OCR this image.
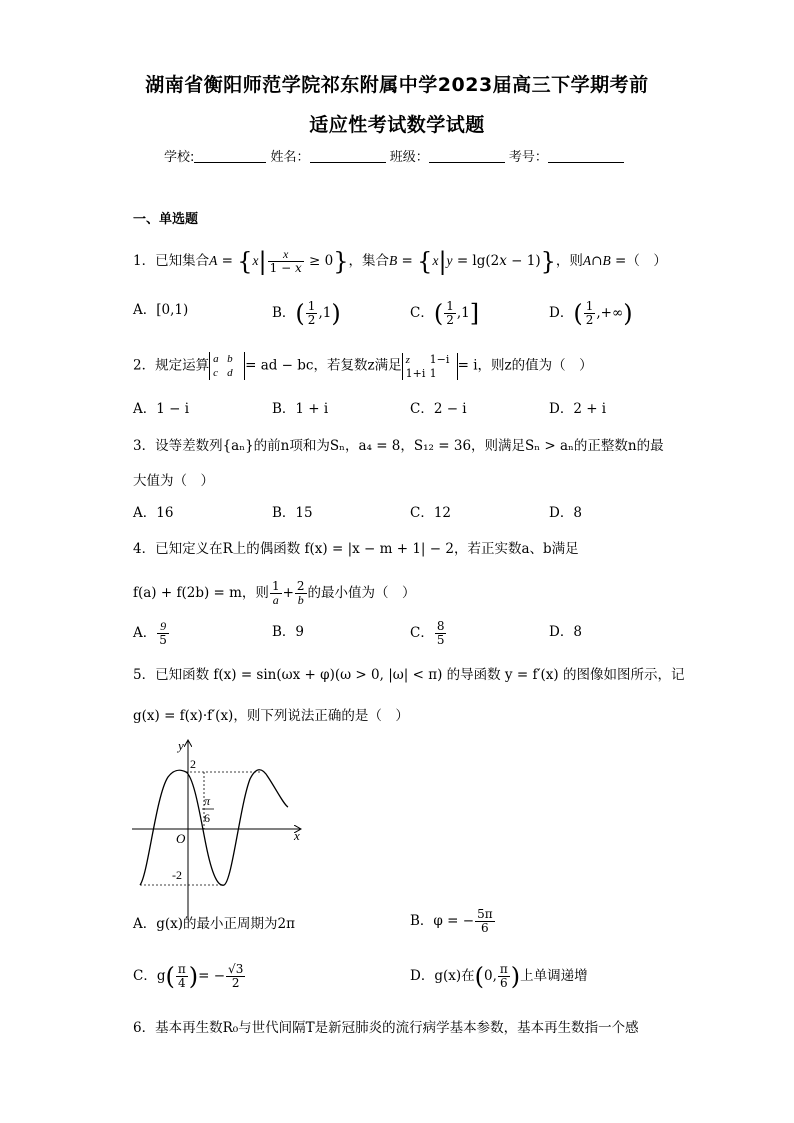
湖南省衡阳师范学院祁东附属中学2023届高三下学期考前
适应性考试数学试题
学校:	姓名：	班级：	考号：
一、单选题
1．已知集合$A = \{x| \frac{x}{1 - x} \ge 0\}$，集合B = {x|y = lg(2x − 1)}，则A∩B =（　）
A．[0,1)	B．( $\frac{1}{2} ,1$)	C．( $\frac{1}{2} ,1$]	D．( $\frac{1}{2}$ ,+∞)
2．规定运算 a b
c d = ad − bc，若复数z满足 z 1−i
1+i 1 = i，则z的值为（　）
A．1 − i	B．1 + i	C．2 − i	D．2 + i
3．设等差数列{aₙ}的前n项和为Sₙ，a₄ = 8，S₁₂ = 36，则满足Sₙ > aₙ的正整数n的最
大值为（　）
A．16	B．15	C．12	D．8
4．已知定义在R上的偶函数 f(x) = |x − m + 1| − 2，若正实数a、b满足
f(a) + f(2b) = m，则 $\frac{1}{a} + \frac{2}{b}$ 的最小值为（　）
A． $\frac{9}{5}$	B．9	C． $\frac{8}{5}$	D．8
5．已知函数 f(x) = sin(ωx + φ)(ω > 0, |ω| < π) 的导函数 y = f′(x) 的图像如图所示，记
g(x) = f(x)·f′(x)，则下列说法正确的是（　）
y
x
O
2
-2
π
6
A．g(x)的最小正周期为2π	B．φ = − $\frac{5\pi}{6}$
C．$g( \frac{\pi}{4}$ )= − $\frac{√3}{2}$	D．g(x)在(0, $\frac{\pi}{6}$ )上单调递增
6．基本再生数R₀与世代间隔T是新冠肺炎的流行病学基本参数，基本再生数指一个感
